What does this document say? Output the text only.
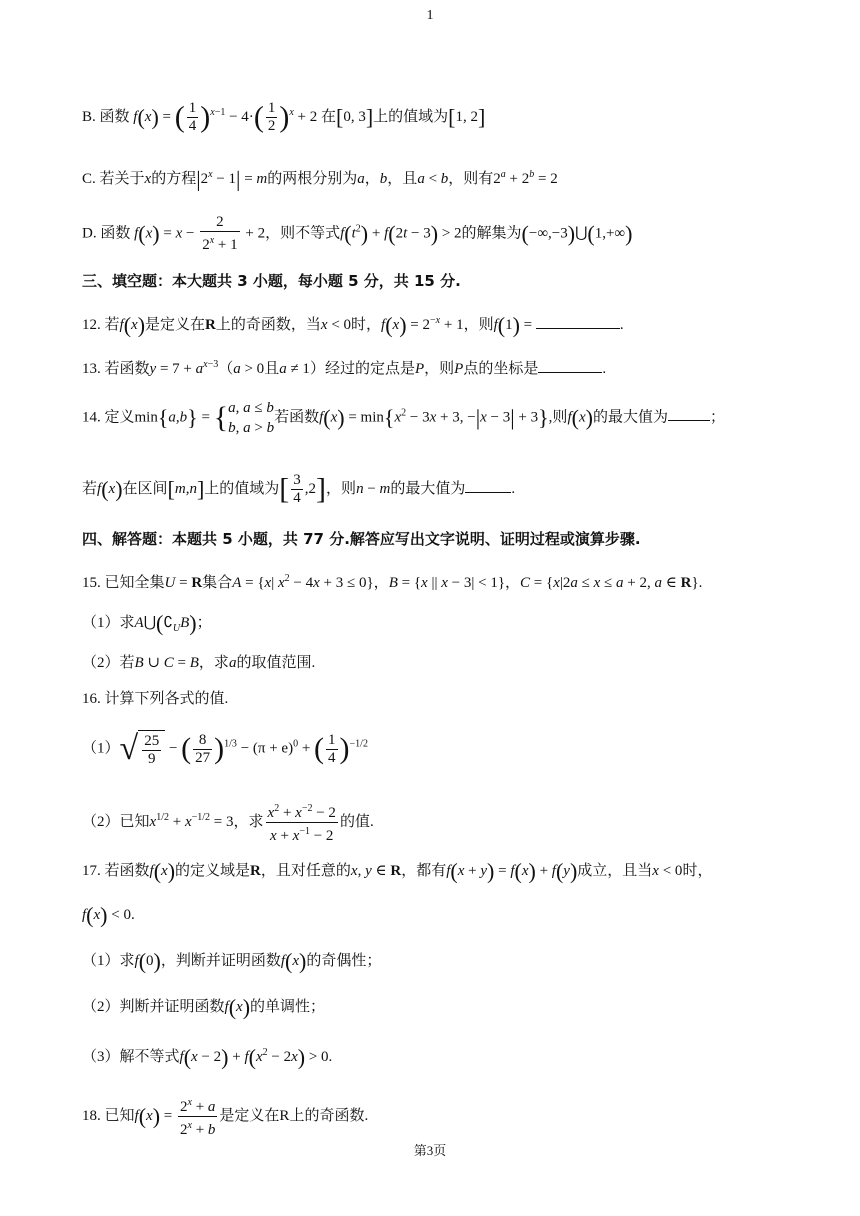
1
B. 函数 f(x) = ( $\frac{1}{4} )^{x-1} - 4\cdot( \frac{1}{2} )^x + 2$ 在[0, 3]上的值域为[1, 2]
C. 若关于x的方程$|2^x - 1| = m$的两根分别为a，b，且a < b，则有$2^a + 2^b = 2$
D. 函数 $f(x) = x - \frac{2}{2^x + 1} + 2$，则不等式$f(t^2) + f(2t - 3) > 2$的解集为(−∞,−3)⋃(1,+∞)
三、填空题：本大题共 3 小题，每小题 5 分，共 15 分.
12. 若f(x)是定义在R上的奇函数，当x < 0时，$f(x) = 2^{-x} + 1$，则f(1) =	.
13. 若函数$y = 7 + a^{x-3}(a > 0$且a ≠ 1）经过的定点是P，则P点的坐标是	.
14. 定义min{a,b} = { a, a ≤ b
b, a > b
若函数$f(x) = \min\{x^2 - 3x + 3$, −|x − 3| + 3},则f(x)的最大值为	；
若f(x)在区间[m,n]上的值域为[ $\frac{3}{4} ,2$]，则n − m的最大值为	.
四、解答题：本题共 5 小题，共 77 分.解答应写出文字说明、证明过程或演算步骤.
15. 已知全集U = R集合A = {x| $x^2 - 4x + 3 \le 0$}，B = {x || x − 3| < 1}，C = {x|2a ≤ x ≤ a + 2, a ∈ R}.
（1）求$A⋃(∁_UB)$；
（2）若B ∪ C = B，求a的取值范围.
16. 计算下列各式的值.
$(1)√ \frac{25}{9}$ − ( $\frac{8}{27} )^{1/3} - (\pi + e)^0$ + ( $\frac{1}{4} )^{-1/2}$
（2）已知$x^{1/2} + x^{-1/2} = 3$，求 $\frac{x^2 + x^{-2} - 2}{x + x^{-1} - 2}$ 的值.
17. 若函数f(x)的定义域是R，且对任意的x, y ∈ R，都有f(x + y) = f(x) + f(y)成立，且当x < 0时，
f(x) < 0.
（1）求f(0)，判断并证明函数f(x)的奇偶性；
（2）判断并证明函数f(x)的单调性；
（3）解不等式$f(x - 2) + f(x^2 - 2x) > 0$.
18. 已知$f(x) = \frac{2^x + a}{2^x + b}$ 是定义在R上的奇函数.
第3页
